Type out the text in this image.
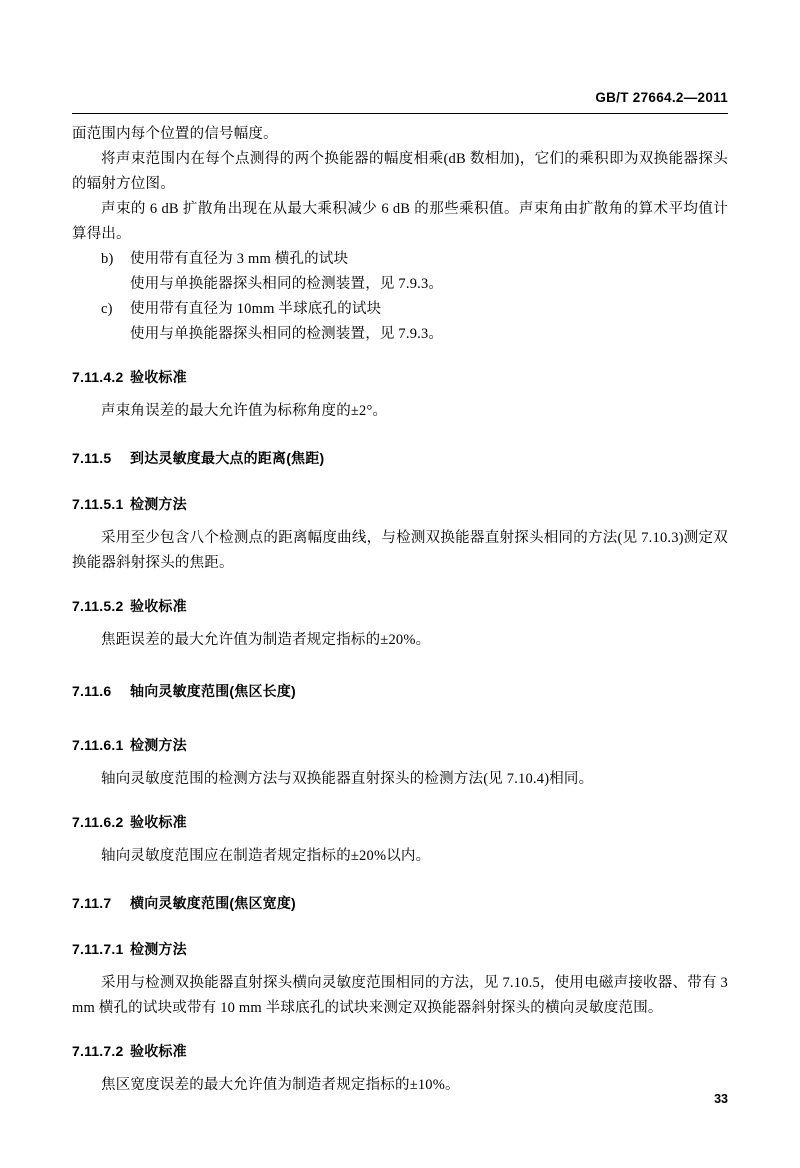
GB/T 27664.2—2011

面范围内每个位置的信号幅度。

将声束范围内在每个点测得的两个换能器的幅度相乘(dB 数相加)，它们的乘积即为双换能器探头的辐射方位图。

声束的 6 dB 扩散角出现在从最大乘积减少 6 dB 的那些乘积值。声束角由扩散角的算术平均值计算得出。

b) 使用带有直径为 3 mm 横孔的试块

使用与单换能器探头相同的检测装置，见 7.9.3。

c) 使用带有直径为 10mm 半球底孔的试块

使用与单换能器探头相同的检测装置，见 7.9.3。

7.11.4.2 验收标准

声束角误差的最大允许值为标称角度的±2°。

7.11.5 到达灵敏度最大点的距离(焦距)

7.11.5.1 检测方法

采用至少包含八个检测点的距离幅度曲线，与检测双换能器直射探头相同的方法(见 7.10.3)测定双换能器斜射探头的焦距。

7.11.5.2 验收标准

焦距误差的最大允许值为制造者规定指标的±20%。

7.11.6 轴向灵敏度范围(焦区长度)

7.11.6.1 检测方法

轴向灵敏度范围的检测方法与双换能器直射探头的检测方法(见 7.10.4)相同。

7.11.6.2 验收标准

轴向灵敏度范围应在制造者规定指标的±20%以内。

7.11.7 横向灵敏度范围(焦区宽度)

7.11.7.1 检测方法

采用与检测双换能器直射探头横向灵敏度范围相同的方法，见 7.10.5，使用电磁声接收器、带有 3 mm 横孔的试块或带有 10 mm 半球底孔的试块来测定双换能器斜射探头的横向灵敏度范围。

7.11.7.2 验收标准

焦区宽度误差的最大允许值为制造者规定指标的±10%。

33
